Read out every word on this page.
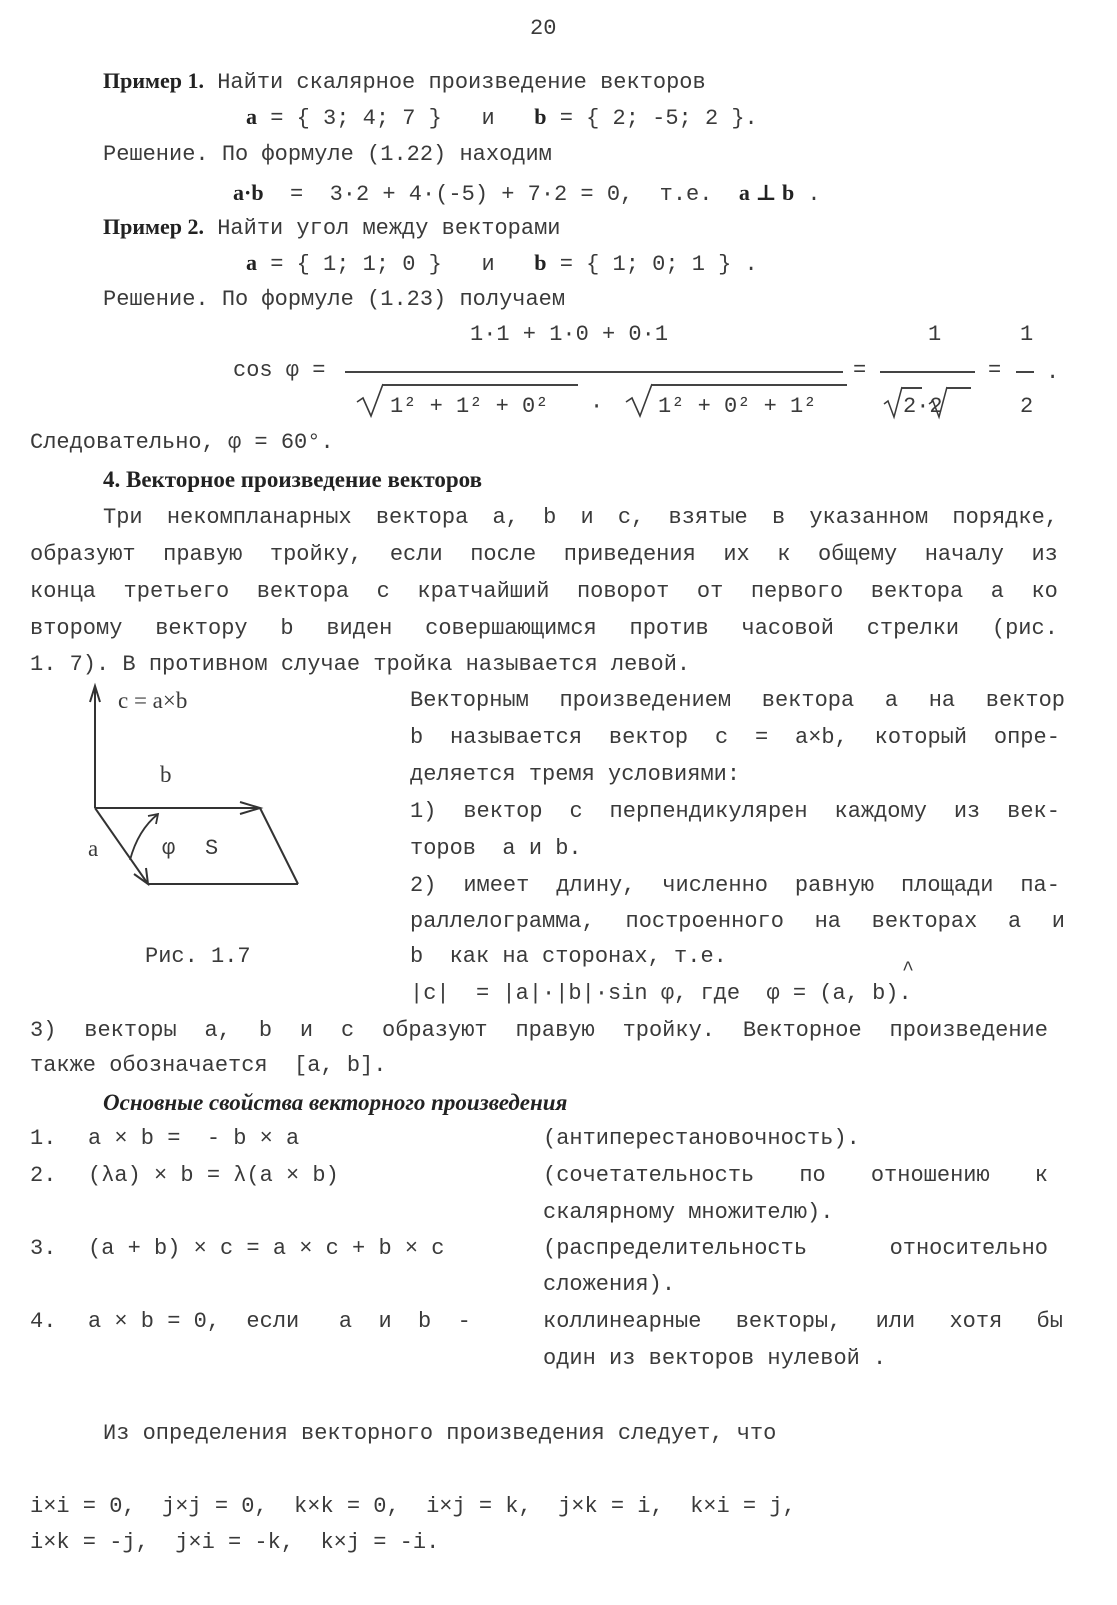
20
Пример 1. Найти скалярное произведение векторов
a = { 3; 4; 7 } и b = { 2; -5; 2 }.
Решение. По формуле (1.22) находим
a·b =  3·2 + 4·(-5) + 7·2 = 0,  т.е. a ⊥ b .
Пример 2. Найти угол между векторами
a = { 1; 1; 0 } и b = { 1; 0; 1 } .
Решение. По формуле (1.23) получаем
1·1 + 1·0 + 0·1
cos φ =
1² + 1² + 0² · 1² + 0² + 1²
=
1
2·2
=
1
2
.
Следовательно, φ = 60°.
4. Векторное произведение векторов
Три некомпланарных вектора a, b и c, взятые в указанном порядке,
образуют правую тройку, если после приведения их к общему началу из
конца третьего вектора c кратчайший поворот от первого вектора a ко
второму вектору b виден совершающимся против часовой стрелки (рис.
1. 7). В противном случае тройка называется левой.
c = a×b
b
a	φ S
Рис. 1.7
Векторным произведением вектора a на вектор
b называется вектор c = a×b, который опре-
деляется тремя условиями:
1) вектор c перпендикулярен каждому из век-
торов  a и b.
2) имеет длину, численно равную площади па-
раллелограмма, построенного на векторах a и
b  как на сторонах, т.е.
^
|c|  = |a|·|b|·sin φ, где  φ = (a, b).
3) векторы a, b и c образуют правую тройку. Векторное произведение
также обозначается  [a, b].
Основные свойства векторного произведения
1. a × b =  - b × a	(антиперестановочность).
2. (λa) × b = λ(a × b)	(сочетательность по отношению к
скалярному множителю).
3. (a + b) × c = a × c + b × c	(распределительность	относительно
сложения).
4. a × b = 0,  если   a  и  b  -	коллинеарные векторы, или хотя бы
один из векторов нулевой .
Из определения векторного произведения следует, что
i×i = 0,  j×j = 0,  k×k = 0,  i×j = k,  j×k = i,  k×i = j,
i×k = -j,  j×i = -k,  k×j = -i.
